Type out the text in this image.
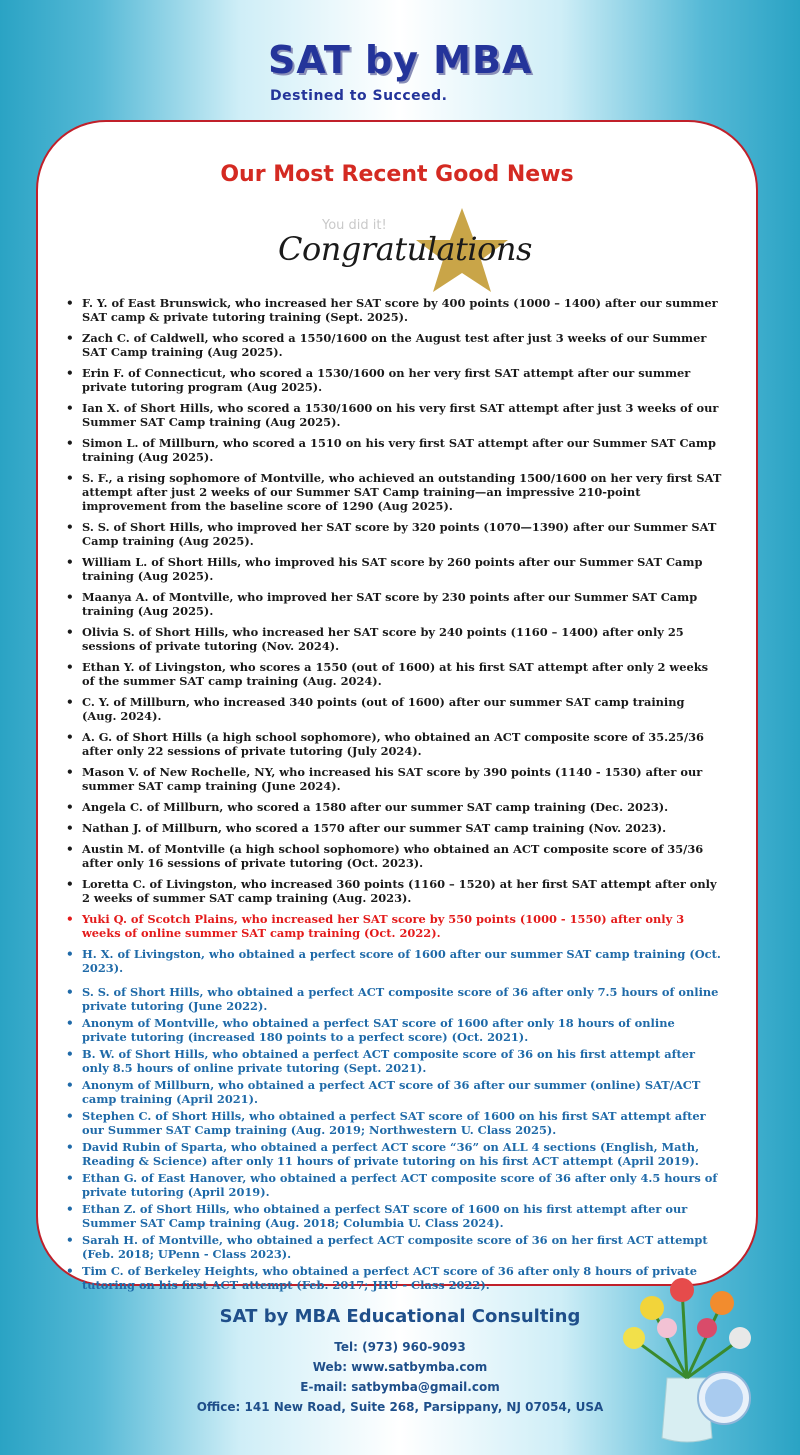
SAT by MBA
Destined to Succeed.
Our Most Recent Good News
You did it!
Congratulations
• F. Y. of East Brunswick, who increased her SAT score by 400 points (1000 – 1400) after our summer SAT camp & private tutoring training (Sept. 2025).
• Zach C. of Caldwell, who scored a 1550/1600 on the August test after just 3 weeks of our Summer SAT Camp training (Aug 2025).
• Erin F. of Connecticut, who scored a 1530/1600 on her very first SAT attempt after our summer private tutoring program (Aug 2025).
• Ian X. of Short Hills, who scored a 1530/1600 on his very first SAT attempt after just 3 weeks of our Summer SAT Camp training (Aug 2025).
• Simon L. of Millburn, who scored a 1510 on his very first SAT attempt after our Summer SAT Camp training (Aug 2025).
• S. F., a rising sophomore of Montville, who achieved an outstanding 1500/1600 on her very first SAT attempt after just 2 weeks of our Summer SAT Camp training—an impressive 210-point improvement from the baseline score of 1290 (Aug 2025).
• S. S. of Short Hills, who improved her SAT score by 320 points (1070—1390) after our Summer SAT Camp training (Aug 2025).
• William L. of Short Hills, who improved his SAT score by 260 points after our Summer SAT Camp training (Aug 2025).
• Maanya A. of Montville, who improved her SAT score by 230 points after our Summer SAT Camp training (Aug 2025).
• Olivia S. of Short Hills, who increased her SAT score by 240 points (1160 – 1400) after only 25 sessions of private tutoring (Nov. 2024).
• Ethan Y. of Livingston, who scores a 1550 (out of 1600) at his first SAT attempt after only 2 weeks of the summer SAT camp training (Aug. 2024).
• C. Y. of Millburn, who increased 340 points (out of 1600) after our summer SAT camp training (Aug. 2024).
• A. G. of Short Hills (a high school sophomore), who obtained an ACT composite score of 35.25/36 after only 22 sessions of private tutoring (July 2024).
• Mason V. of New Rochelle, NY, who increased his SAT score by 390 points (1140 - 1530) after our summer SAT camp training (June 2024).
• Angela C. of Millburn, who scored a 1580 after our summer SAT camp training (Dec. 2023).
• Nathan J. of Millburn, who scored a 1570 after our summer SAT camp training (Nov. 2023).
• Austin M. of Montville (a high school sophomore) who obtained an ACT composite score of 35/36 after only 16 sessions of private tutoring (Oct. 2023).
• Loretta C. of Livingston, who increased 360 points (1160 – 1520) at her first SAT attempt after only 2 weeks of summer SAT camp training (Aug. 2023).
• Yuki Q. of Scotch Plains, who increased her SAT score by 550 points (1000 - 1550) after only 3 weeks of online summer SAT camp training (Oct. 2022).
• H. X. of Livingston, who obtained a perfect score of 1600 after our summer SAT camp training (Oct. 2023).
• S. S. of Short Hills, who obtained a perfect ACT composite score of 36 after only 7.5 hours of online private tutoring (June 2022).
• Anonym of Montville, who obtained a perfect SAT score of 1600 after only 18 hours of online private tutoring (increased 180 points to a perfect score) (Oct. 2021).
• B. W. of Short Hills, who obtained a perfect ACT composite score of 36 on his first attempt after only 8.5 hours of online private tutoring (Sept. 2021).
• Anonym of Millburn, who obtained a perfect ACT score of 36 after our summer (online) SAT/ACT camp training (April 2021).
• Stephen C. of Short Hills, who obtained a perfect SAT score of 1600 on his first SAT attempt after our Summer SAT Camp training (Aug. 2019; Northwestern U. Class 2025).
• David Rubin of Sparta, who obtained a perfect ACT score “36” on ALL 4 sections (English, Math, Reading & Science) after only 11 hours of private tutoring on his first ACT attempt (April 2019).
• Ethan G. of East Hanover, who obtained a perfect ACT composite score of 36 after only 4.5 hours of private tutoring (April 2019).
• Ethan Z. of Short Hills, who obtained a perfect SAT score of 1600 on his first attempt after our Summer SAT Camp training (Aug. 2018; Columbia U. Class 2024).
• Sarah H. of Montville, who obtained a perfect ACT composite score of 36 on her first ACT attempt (Feb. 2018; UPenn - Class 2023).
• Tim C. of Berkeley Heights, who obtained a perfect ACT score of 36 after only 8 hours of private tutoring on his first ACT attempt (Feb. 2017; JHU - Class 2022).
SAT by MBA Educational Consulting
Tel: (973) 960-9093
Web: www.satbymba.com
E-mail: satbymba@gmail.com
Office: 141 New Road, Suite 268, Parsippany, NJ 07054, USA
